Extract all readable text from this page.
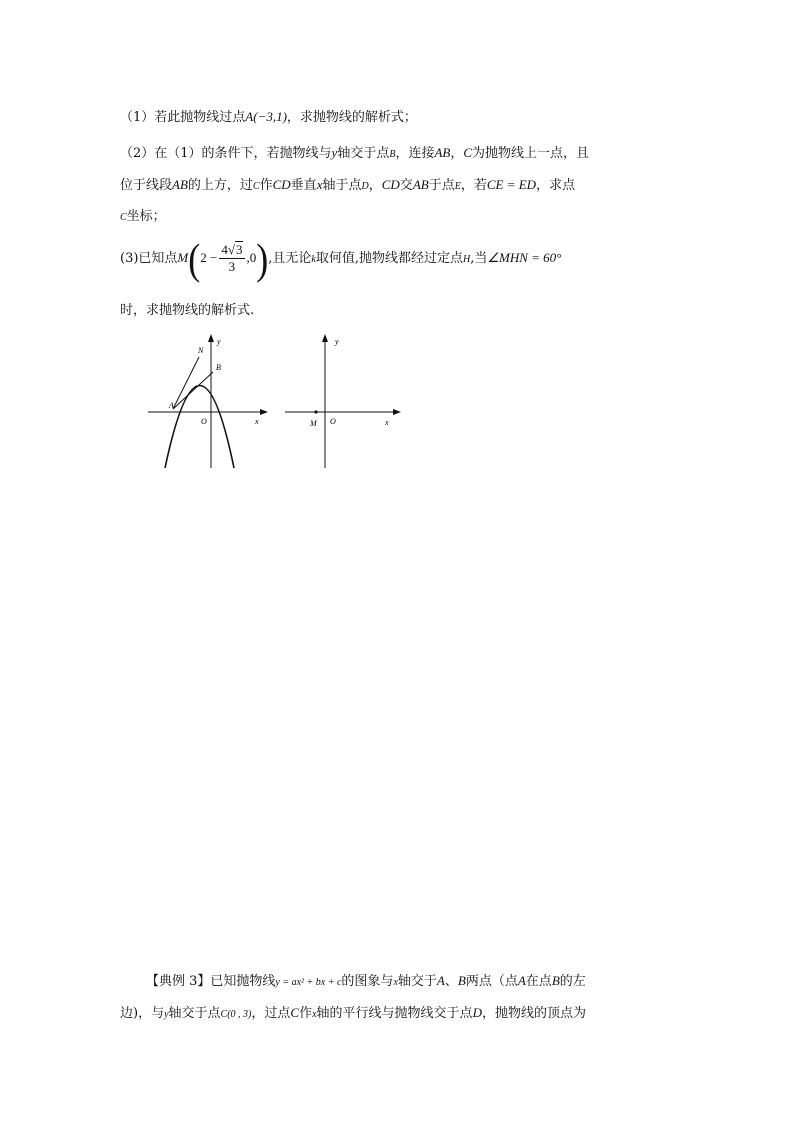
（1）若此抛物线过点A(−3,1)，求抛物线的解析式；
（2）在（1）的条件下，若抛物线与y轴交于点B，连接AB，C为抛物线上一点，且
位于线段AB的上方，过C作CD垂直x轴于点D，CD交AB于点E，若CE = ED，求点
C坐标；
(3)已知点$M(2 - \frac{4√3}{3} ,0)$,且无论k取何值,抛物线都经过定点H,当∠MHN = 60°
时，求抛物线的解析式.
N
y
B
A
O	x
y
M O	x
【典例 3】已知抛物线y = ax² + bx + c的图象与x轴交于A、B两点（点A在点B的左
边)，与y轴交于点C(0 , 3)，过点C作x轴的平行线与抛物线交于点D，抛物线的顶点为
